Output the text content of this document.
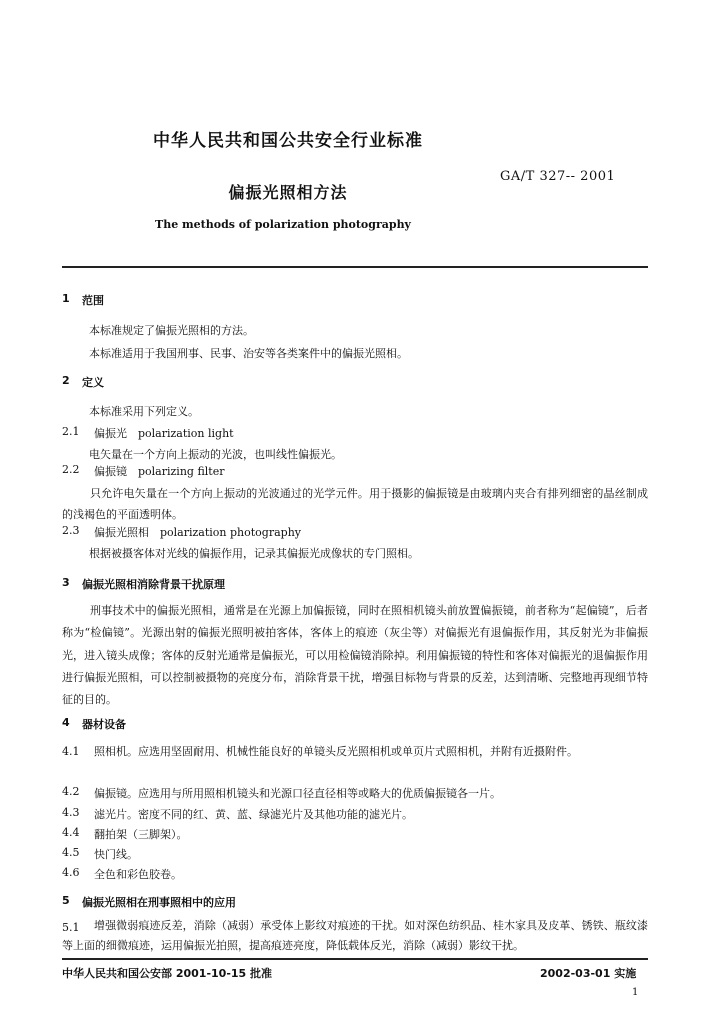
中华人民共和国公共安全行业标准
GA/T 327-- 2001
偏振光照相方法
The methods of polarization photography
1 范围
本标准规定了偏振光照相的方法。
本标准适用于我国刑事、民事、治安等各类案件中的偏振光照相。
2 定义
本标准采用下列定义。
2.1 偏振光　polarization light
电矢量在一个方向上振动的光波，也叫线性偏振光。
2.2 偏振镜　polarizing filter
只允许电矢量在一个方向上振动的光波通过的光学元件。用于摄影的偏振镜是由玻璃内夹合有排列细密的晶丝制成的浅褐色的平面透明体。
2.3 偏振光照相　polarization photography
根据被摄客体对光线的偏振作用，记录其偏振光成像状的专门照相。
3 偏振光照相消除背景干扰原理
刑事技术中的偏振光照相，通常是在光源上加偏振镜，同时在照相机镜头前放置偏振镜，前者称为“起偏镜”，后者称为“检偏镜”。光源出射的偏振光照明被拍客体，客体上的痕迹（灰尘等）对偏振光有退偏振作用，其反射光为非偏振光，进入镜头成像；客体的反射光通常是偏振光，可以用检偏镜消除掉。利用偏振镜的特性和客体对偏振光的退偏振作用进行偏振光照相，可以控制被摄物的亮度分布，消除背景干扰，增强目标物与背景的反差，达到清晰、完整地再现细节特征的目的。
4 器材设备
4.1	照相机。应选用坚固耐用、机械性能良好的单镜头反光照相机或单页片式照相机，并附有近摄附件。
4.2 偏振镜。应选用与所用照相机镜头和光源口径直径相等或略大的优质偏振镜各一片。
4.3 滤光片。密度不同的红、黄、蓝、绿滤光片及其他功能的滤光片。
4.4 翻拍架（三脚架）。
4.5 快门线。
4.6 全色和彩色胶卷。
5 偏振光照相在刑事照相中的应用
5.1	增强微弱痕迹反差，消除（减弱）承受体上影纹对痕迹的干扰。如对深色纺织品、桂木家具及皮革、锈铁、瓶纹漆等上面的细微痕迹，运用偏振光拍照，提高痕迹亮度，降低载体反光，消除（减弱）影纹干扰。
中华人民共和国公安部 2001-10-15 批准	2002-03-01 实施
1
